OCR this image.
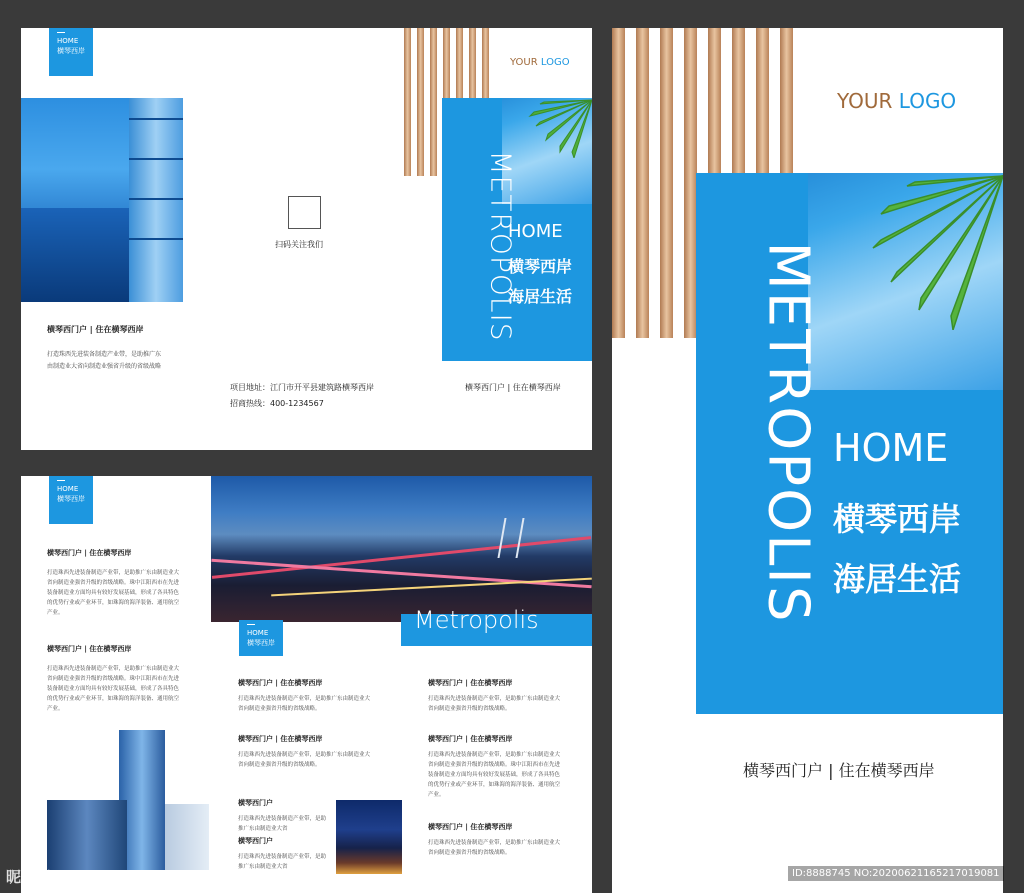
HOME
横琴西岸
横琴西门户 | 住在横琴西岸
打造珠西先进装备制造产业带，是助推广东
由制造业大省向制造业强省升级的省级战略
扫码关注我们
项目地址：江门市开平县建筑路横琴西岸
招商热线：400-1234567
YOUR LOGO
METROPOLIS
HOME
横琴西岸
海居生活
横琴西门户 | 住在横琴西岸
HOME
横琴西岸
横琴西门户 | 住在横琴西岸
打造珠西先进装备制造产业带，是助推广东由制造业大
省向制造业强省升级的省级战略。珠中江阳西市在先进
装备制造业方面均具有较好发展基础，形成了各具特色
的优势行业或产业环节，如珠海的海洋装备、通用航空
产业。
横琴西门户 | 住在横琴西岸
打造珠西先进装备制造产业带，是助推广东由制造业大
省向制造业强省升级的省级战略。珠中江阳西市在先进
装备制造业方面均具有较好发展基础，形成了各具特色
的优势行业或产业环节，如珠海的海洋装备、通用航空
产业。
Metropolis
HOME
横琴西岸
横琴西门户 | 住在横琴西岸
打造珠西先进装备制造产业带，是助推广东由制造业大
省向制造业强省升级的省级战略。
横琴西门户 | 住在横琴西岸
打造珠西先进装备制造产业带，是助推广东由制造业大
省向制造业强省升级的省级战略。
横琴西门户
打造珠西先进装备制造产业带，是助
推广东由制造业大省
横琴西门户
打造珠西先进装备制造产业带，是助
推广东由制造业大省
横琴西门户 | 住在横琴西岸
打造珠西先进装备制造产业带，是助推广东由制造业大
省向制造业强省升级的省级战略。
横琴西门户 | 住在横琴西岸
打造珠西先进装备制造产业带，是助推广东由制造业大
省向制造业强省升级的省级战略。珠中江阳西市在先进
装备制造业方面均具有较好发展基础，形成了各具特色
的优势行业或产业环节，如珠海的海洋装备、通用航空
产业。
横琴西门户 | 住在横琴西岸
打造珠西先进装备制造产业带，是助推广东由制造业大
省向制造业强省升级的省级战略。
YOUR LOGO
METROPOLIS HOME
横琴西岸
海居生活
横琴西门户 | 住在横琴西岸
昵图网 www.nipic.com	ID:8888745 NO:20200621165217019081
